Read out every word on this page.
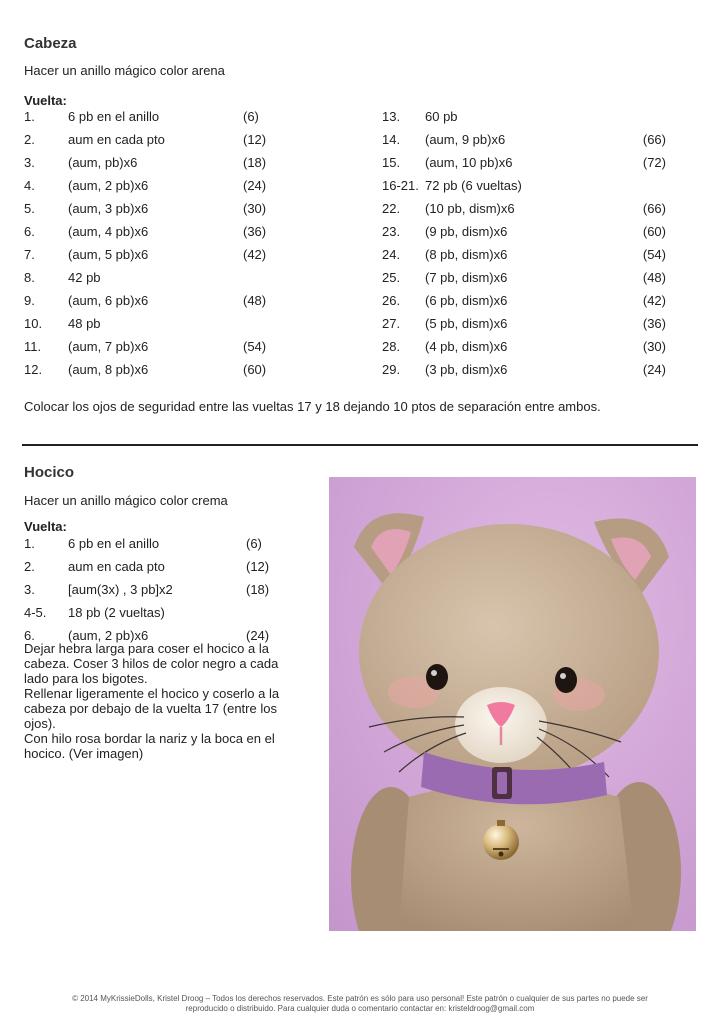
Cabeza
Hacer un anillo mágico color arena
Vuelta:
1.	6 pb en el anillo	(6)
2.	aum en cada pto	(12)
3.	(aum, pb)x6	(18)
4.	(aum, 2 pb)x6	(24)
5.	(aum, 3 pb)x6	(30)
6.	(aum, 4 pb)x6	(36)
7.	(aum, 5 pb)x6	(42)
8.	42 pb
9.	(aum, 6 pb)x6	(48)
10. 48 pb
11. (aum, 7 pb)x6	(54)
12. (aum, 8 pb)x6	(60)
13. 60 pb
14. (aum, 9 pb)x6	(66)
15. (aum, 10 pb)x6	(72)
16-21. 72 pb (6 vueltas)
22. (10 pb, dism)x6	(66)
23. (9 pb, dism)x6	(60)
24. (8 pb, dism)x6	(54)
25. (7 pb, dism)x6	(48)
26. (6 pb, dism)x6	(42)
27. (5 pb, dism)x6	(36)
28. (4 pb, dism)x6	(30)
29. (3 pb, dism)x6	(24)
Colocar los ojos de seguridad entre las vueltas 17 y 18 dejando 10 ptos de separación entre ambos.
Hocico
Hacer un anillo mágico color crema
Vuelta:
1.	6 pb en el anillo	(6)
2.	aum en cada pto	(12)
3.	[aum(3x) , 3 pb]x2	(18)
4-5. 18 pb (2 vueltas)
6.	(aum, 2 pb)x6	(24)
Dejar hebra larga para coser el hocico a la cabeza. Coser 3 hilos de color negro a cada lado para los bigotes.
Rellenar ligeramente el hocico y coserlo a la cabeza por debajo de la vuelta 17 (entre los ojos).
Con hilo rosa bordar la nariz y la boca en el hocico. (Ver imagen)
© 2014 MyKrissieDolls, Kristel Droog – Todos los derechos reservados. Este patrón es sólo para uso personal! Este patrón o cualquier de sus partes no puede ser
reproducido o distribuido. Para cualquier duda o comentario contactar en: kristeldroog@gmail.com
